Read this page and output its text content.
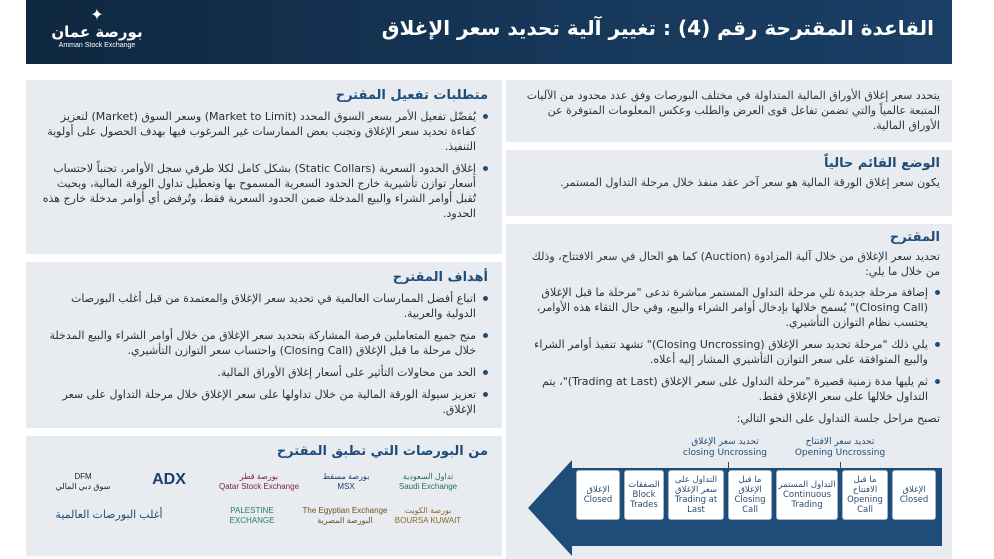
القاعدة المقترحة رقم (4) : تغيير آلية تحديد سعر الإغلاق
✦
بورصة عمان
Amman Stock Exchange
يتحدد سعر إغلاق الأوراق المالية المتداولة في مختلف البورصات وفق عدد محدود من الآليات المتبعة عالمياً والتي تضمن تفاعل قوى العرض والطلب وعكس المعلومات المتوفرة عن الأوراق المالية.
الوضع القائم حالياً
يكون سعر إغلاق الورقة المالية هو سعر آخر عقد منفذ خلال مرحلة التداول المستمر.
المقترح
تحديد سعر الإغلاق من خلال آلية المزادوة (Auction) كما هو الحال في سعر الافتتاح، وذلك من خلال ما يلي:
إضافة مرحلة جديدة تلي مرحلة التداول المستمر مباشرة تدعى "مرحلة ما قبل الإغلاق (Closing Call)" يُسمح خلالها بإدخال أوامر الشراء والبيع، وفي حال التقاء هذه الأوامر، يحتسب نظام التوازن التأشيري.
يلي ذلك "مرحلة تحديد سعر الإغلاق (Closing Uncrossing)" تشهد تنفيذ أوامر الشراء والبيع المتوافقة على سعر التوازن التأشيري المشار إليه أعلاه.
ثم يليها مدة زمنية قصيرة "مرحلة التداول على سعر الإغلاق (Trading at Last)"، يتم التداول خلالها على سعر الإغلاق فقط.
تصبح مراحل جلسة التداول على النحو التالي:
الإغلاق
Closed
الصفقات
Block Trades
التداول على سعر الإغلاق
Trading at Last
ما قبل الإغلاق
Closing Call
التداول المستمر
Continuous Trading
ما قبل الافتتاح
Opening Call
الإغلاق
Closed
تحديد سعر الإغلاق
closing Uncrossing
تحديد سعر الافتتاح
Opening Uncrossing
متطلبات تفعيل المقترح
يُفضّل تفعيل الأمر بسعر السوق المحدد (Market to Limit) وسعر السوق (Market) لتعزيز كفاءة تحديد سعر الإغلاق وتجنب بعض الممارسات غير المرغوب فيها بهدف الحصول على أولوية التنفيذ.
إغلاق الحدود السعرية (Static Collars) بشكل كامل لكلا طرفي سجل الأوامر، تجنباً لاحتساب أسعار توازن تأشيرية خارج الحدود السعرية المسموح بها وتعطيل تداول الورقة المالية، وبحيث تُقبل أوامر الشراء والبيع المدخلة ضمن الحدود السعرية فقط، وتُرفض أي أوامر مدخلة خارج هذه الحدود.
أهداف المقترح
اتباع أفضل الممارسات العالمية في تحديد سعر الإغلاق والمعتمدة من قبل أغلب البورصات الدولية والعربية.
منح جميع المتعاملين فرصة المشاركة بتحديد سعر الإغلاق من خلال أوامر الشراء والبيع المدخلة خلال مرحلة ما قبل الإغلاق (Closing Call) واحتساب سعر التوازن التأشيري.
الحد من محاولات التأثير على أسعار إغلاق الأوراق المالية.
تعزيز سيولة الورقة المالية من خلال تداولها على سعر الإغلاق خلال مرحلة التداول على سعر الإغلاق.
من البورصات التي تطبق المقترح
تداول السعودية
Saudi Exchange
بورصة مسقط
MSX
بورصة قطر
Qatar Stock Exchange
ADX
DFM
سوق دبي المالي
بورصة الكويت
BOURSA KUWAIT
The Egyptian Exchange
البورصة المصرية
PALESTINE EXCHANGE
أغلب البورصات العالمية
